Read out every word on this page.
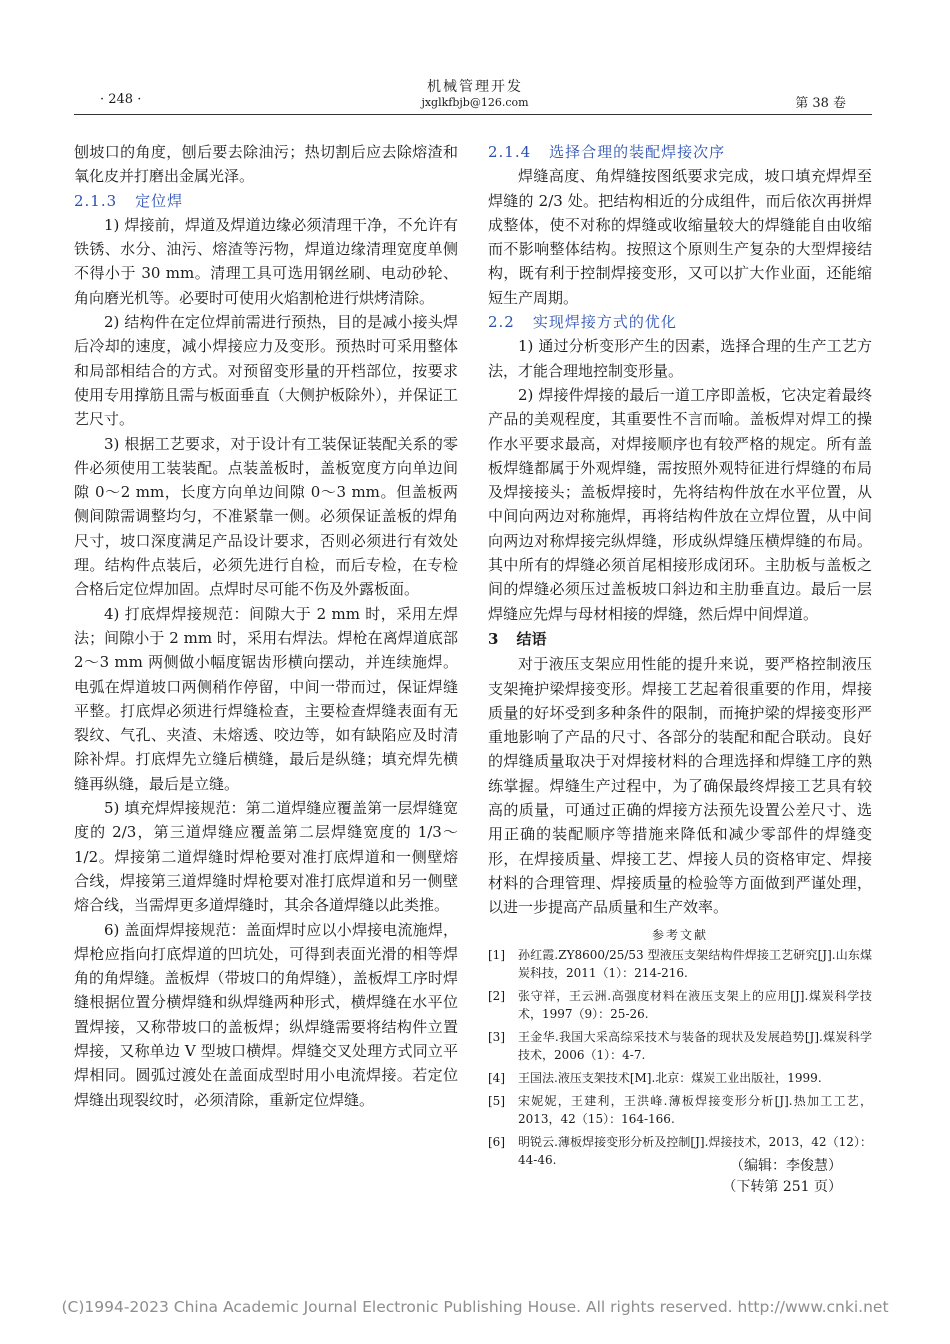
· 248 ·
机械管理开发
jxglkfbjb@126.com	第 38 卷

刨坡口的角度，刨后要去除油污；热切割后应去除熔渣和氧化皮并打磨出金属光泽。

2.1.3 定位焊

1) 焊接前，焊道及焊道边缘必须清理干净，不允许有铁锈、水分、油污、熔渣等污物，焊道边缘清理宽度单侧不得小于 30 mm。清理工具可选用钢丝刷、电动砂轮、角向磨光机等。必要时可使用火焰割枪进行烘烤清除。

2) 结构件在定位焊前需进行预热，目的是减小接头焊后冷却的速度，减小焊接应力及变形。预热时可采用整体和局部相结合的方式。对预留变形量的开档部位，按要求使用专用撑筋且需与板面垂直（大侧护板除外），并保证工艺尺寸。

3) 根据工艺要求，对于设计有工装保证装配关系的零件必须使用工装装配。点装盖板时，盖板宽度方向单边间隙 0～2 mm，长度方向单边间隙 0～3 mm。但盖板两侧间隙需调整均匀，不准紧靠一侧。必须保证盖板的焊角尺寸，坡口深度满足产品设计要求，否则必须进行有效处理。结构件点装后，必须先进行自检，而后专检，在专检合格后定位焊加固。点焊时尽可能不伤及外露板面。

4) 打底焊焊接规范：间隙大于 2 mm 时，采用左焊法；间隙小于 2 mm 时，采用右焊法。焊枪在离焊道底部 2～3 mm 两侧做小幅度锯齿形横向摆动，并连续施焊。电弧在焊道坡口两侧稍作停留，中间一带而过，保证焊缝平整。打底焊必须进行焊缝检查，主要检查焊缝表面有无裂纹、气孔、夹渣、未熔透、咬边等，如有缺陷应及时清除补焊。打底焊先立缝后横缝，最后是纵缝；填充焊先横缝再纵缝，最后是立缝。

5) 填充焊焊接规范：第二道焊缝应覆盖第一层焊缝宽度的 2/3，第三道焊缝应覆盖第二层焊缝宽度的 1/3～1/2。焊接第二道焊缝时焊枪要对准打底焊道和一侧壁熔合线，焊接第三道焊缝时焊枪要对准打底焊道和另一侧壁熔合线，当需焊更多道焊缝时，其余各道焊缝以此类推。

6) 盖面焊焊接规范：盖面焊时应以小焊接电流施焊，焊枪应指向打底焊道的凹坑处，可得到表面光滑的相等焊角的角焊缝。盖板焊（带坡口的角焊缝），盖板焊工序时焊缝根据位置分横焊缝和纵焊缝两种形式，横焊缝在水平位置焊接，又称带坡口的盖板焊；纵焊缝需要将结构件立置焊接，又称单边 V 型坡口横焊。焊缝交叉处理方式同立平焊相同。圆弧过渡处在盖面成型时用小电流焊接。若定位焊缝出现裂纹时，必须清除，重新定位焊缝。

2.1.4 选择合理的装配焊接次序

焊缝高度、角焊缝按图纸要求完成，坡口填充焊焊至焊缝的 2/3 处。把结构相近的分成组件，而后依次再拼焊成整体，使不对称的焊缝或收缩量较大的焊缝能自由收缩而不影响整体结构。按照这个原则生产复杂的大型焊接结构，既有利于控制焊接变形，又可以扩大作业面，还能缩短生产周期。

2.2 实现焊接方式的优化

1) 通过分析变形产生的因素，选择合理的生产工艺方法，才能合理地控制变形量。

2) 焊接件焊接的最后一道工序即盖板，它决定着最终产品的美观程度，其重要性不言而喻。盖板焊对焊工的操作水平要求最高，对焊接顺序也有较严格的规定。所有盖板焊缝都属于外观焊缝，需按照外观特征进行焊缝的布局及焊接接头；盖板焊接时，先将结构件放在水平位置，从中间向两边对称施焊，再将结构件放在立焊位置，从中间向两边对称焊接完纵焊缝，形成纵焊缝压横焊缝的布局。其中所有的焊缝必须首尾相接形成闭环。主肋板与盖板之间的焊缝必须压过盖板坡口斜边和主肋垂直边。最后一层焊缝应先焊与母材相接的焊缝，然后焊中间焊道。

3 结语

对于液压支架应用性能的提升来说，要严格控制液压支架掩护梁焊接变形。焊接工艺起着很重要的作用，焊接质量的好坏受到多种条件的限制，而掩护梁的焊接变形严重地影响了产品的尺寸、各部分的装配和配合联动。良好的焊缝质量取决于对焊接材料的合理选择和焊缝工序的熟练掌握。焊缝生产过程中，为了确保最终焊接工艺具有较高的质量，可通过正确的焊接方法预先设置公差尺寸、选用正确的装配顺序等措施来降低和减少零部件的焊缝变形，在焊接质量、焊接工艺、焊接人员的资格审定、焊接材料的合理管理、焊接质量的检验等方面做到严谨处理，以进一步提高产品质量和生产效率。

参考文献
[1]	孙红霞.ZY8600/25/53 型液压支架结构件焊接工艺研究[J].山东煤炭科技，2011（1）：214-216.
[2]	张守祥，王云洲.高强度材料在液压支架上的应用[J].煤炭科学技术，1997（9）：25-26.
[3]	王金华.我国大采高综采技术与装备的现状及发展趋势[J].煤炭科学技术，2006（1）：4-7.
[4]	王国法.液压支架技术[M].北京：煤炭工业出版社，1999.
[5]	宋妮妮，王建利，王洪峰.薄板焊接变形分析[J].热加工工艺，2013，42（15）：164-166.
[6]	明锐云.薄板焊接变形分析及控制[J].焊接技术，2013，42（12）：44-46.	（编辑：李俊慧）
（下转第 251 页）
(C)1994-2023 China Academic Journal Electronic Publishing House. All rights reserved. http://www.cnki.net
